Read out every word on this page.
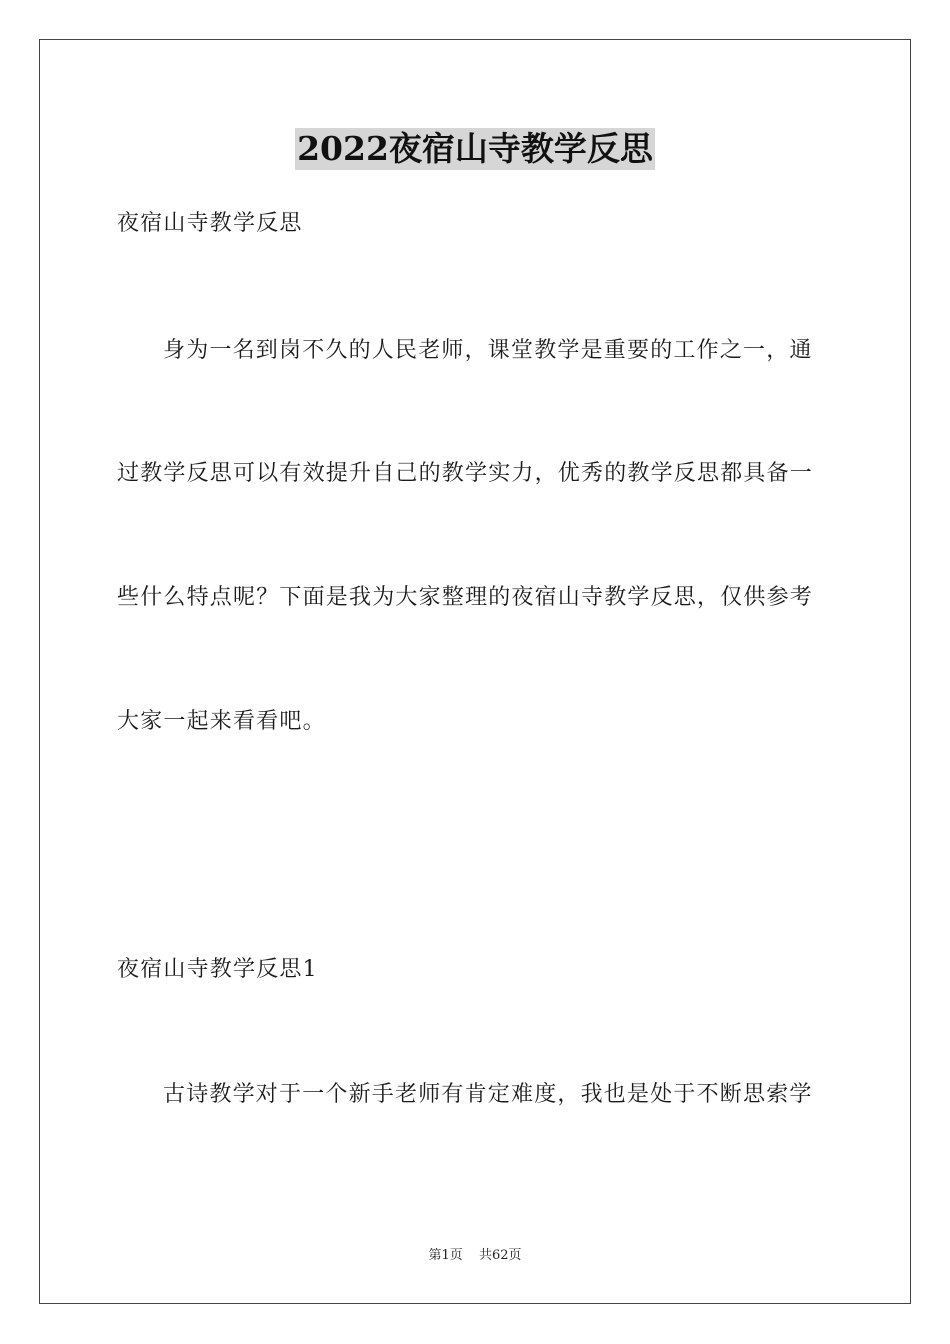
2022夜宿山寺教学反思
夜宿山寺教学反思
身为一名到岗不久的人民老师，课堂教学是重要的工作之一，通
过教学反思可以有效提升自己的教学实力，优秀的教学反思都具备一
些什么特点呢？下面是我为大家整理的夜宿山寺教学反思，仅供参考
大家一起来看看吧。
夜宿山寺教学反思1
古诗教学对于一个新手老师有肯定难度，我也是处于不断思索学
第1页 共62页
